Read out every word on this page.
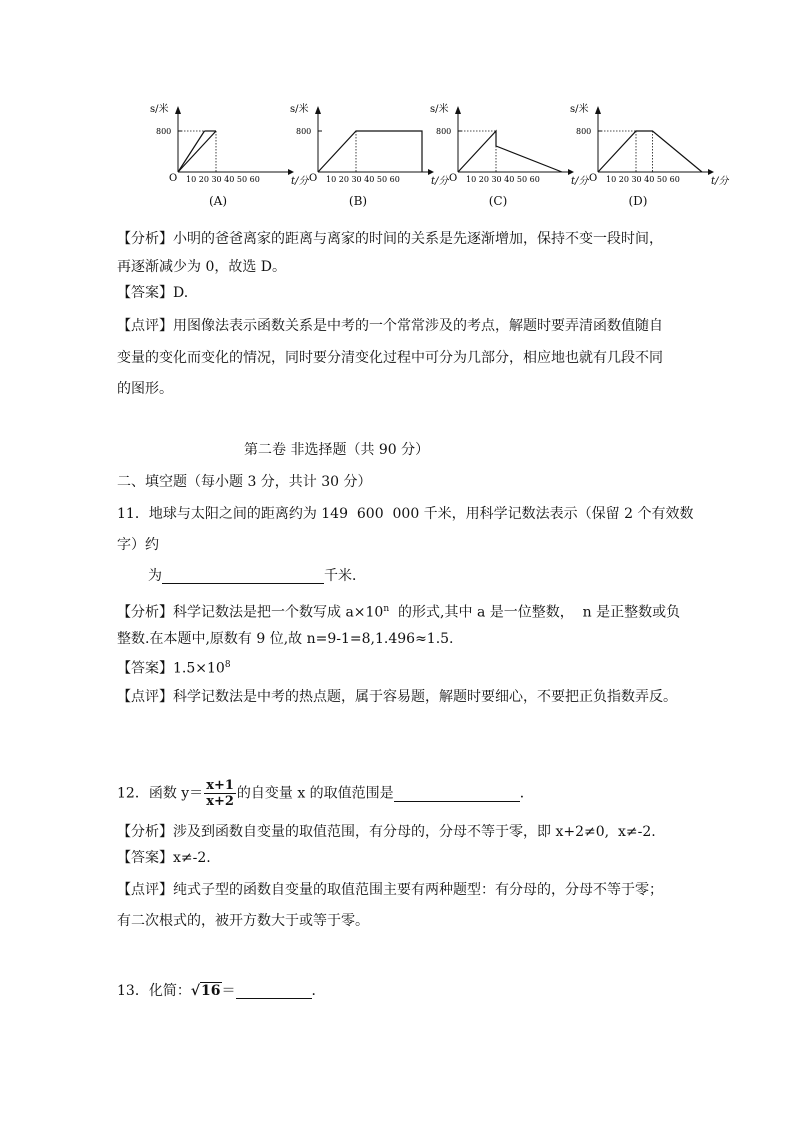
s/米
800
O 10 20 30 40 50 60	t/分
(A)
s/米
800
O 10 20 30 40 50 60	t/分
(B)
s/米
800
O 10 20 30 40 50 60	t/分
(C)
s/米
800
O 10 20 30 40 50 60	t/分
(D)
【分析】小明的爸爸离家的距离与离家的时间的关系是先逐渐增加，保持不变一段时间，
再逐渐减少为 0，故选 D。
【答案】D.
【点评】用图像法表示函数关系是中考的一个常常涉及的考点，解题时要弄清函数值随自
变量的变化而变化的情况，同时要分清变化过程中可分为几部分，相应地也就有几段不同
的图形。
第二卷 非选择题（共 90 分）
二、填空题（每小题 3 分，共计 30 分）
11．地球与太阳之间的距离约为 149  600  000 千米，用科学记数法表示（保留 2 个有效数
字）约
为	千米．
【分析】科学记数法是把一个数写成 $a\times 10^n$  的形式,其中 a 是一位整数，  n 是正整数或负
整数.在本题中,原数有 9 位,故 n=9-1=8,1.496≈1.5.
【答案】$1.5\times 10^8$
【点评】科学记数法是中考的热点题，属于容易题，解题时要细心，不要把正负指数弄反。
12．函数 $y= \frac{x+1}{x+2}$ 的自变量 x 的取值范围是	．
【分析】涉及到函数自变量的取值范围，有分母的，分母不等于零，即 x+2≠0,  x≠-2.
【答案】x≠-2.
【点评】纯式子型的函数自变量的取值范围主要有两种题型：有分母的，分母不等于零；
有二次根式的，被开方数大于或等于零。
13．化简：√16＝	．
